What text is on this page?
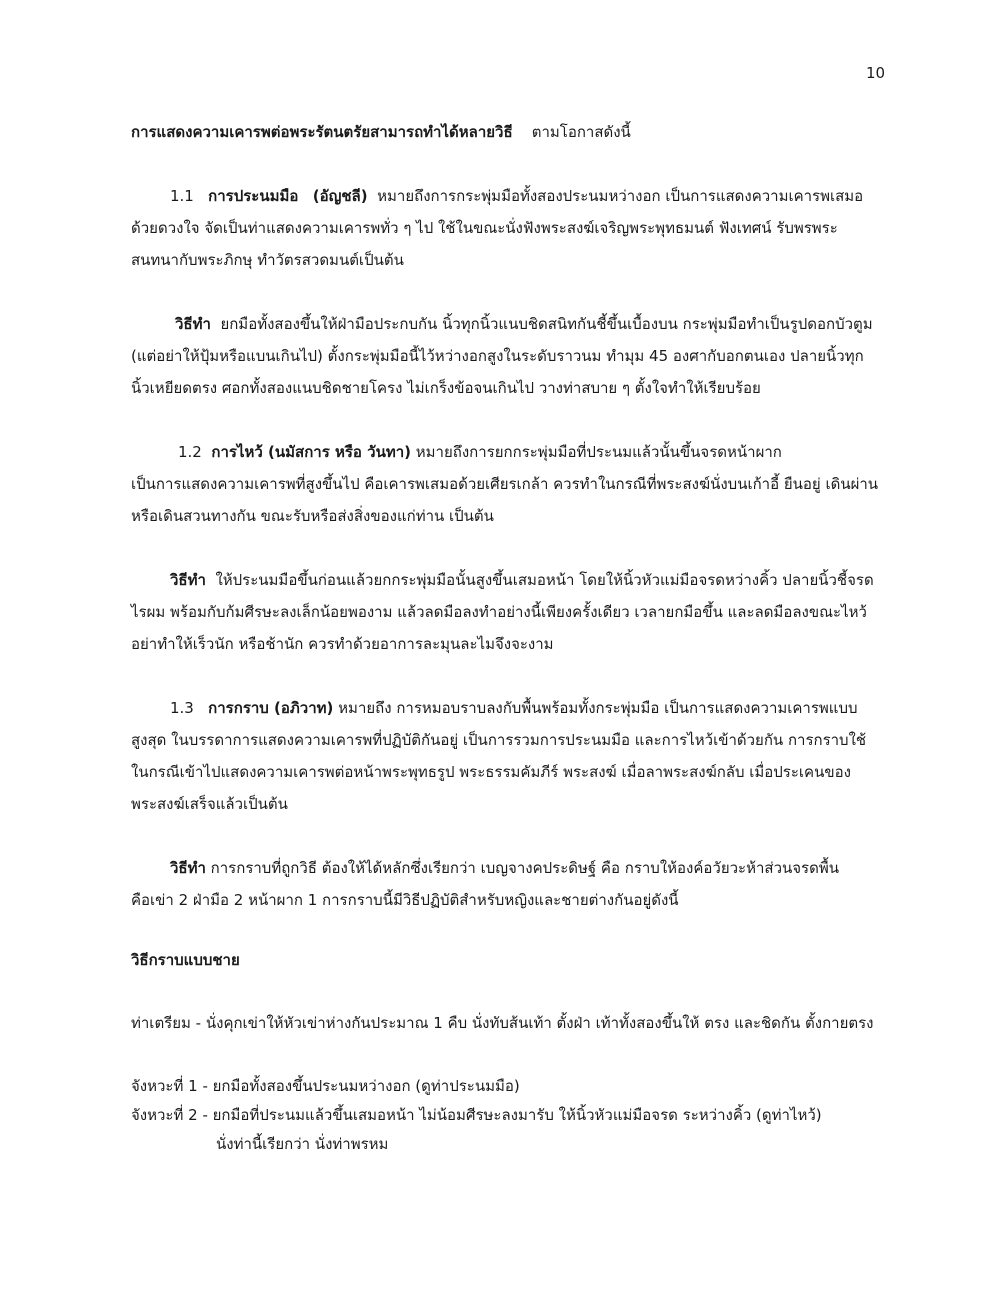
10
การแสดงความเคารพต่อพระรัตนตรัยสามารถทำได้หลายวิธี ตามโอกาสดังนี้
1.1 การประนมมือ (อัญชลี) หมายถึงการกระพุ่มมือทั้งสองประนมหว่างอก เป็นการแสดงความเคารพเสมอ
ด้วยดวงใจ จัดเป็นท่าแสดงความเคารพทั่ว ๆ ไป ใช้ในขณะนั่งฟังพระสงฆ์เจริญพระพุทธมนต์ ฟังเทศน์ รับพรพระ
สนทนากับพระภิกษุ ทำวัตรสวดมนต์เป็นต้น
วิธีทำ ยกมือทั้งสองขึ้นให้ฝ่ามือประกบกัน นิ้วทุกนิ้วแนบชิดสนิทกันชี้ขึ้นเบื้องบน กระพุ่มมือทำเป็นรูปดอกบัวตูม
(แต่อย่าให้ปุ้มหรือแบนเกินไป) ตั้งกระพุ่มมือนี้ไว้หว่างอกสูงในระดับราวนม ทำมุม 45 องศากับอกตนเอง ปลายนิ้วทุก
นิ้วเหยียดตรง ศอกทั้งสองแนบชิดชายโครง ไม่เกร็งข้อจนเกินไป วางท่าสบาย ๆ ตั้งใจทำให้เรียบร้อย
1.2 การไหว้ (นมัสการ หรือ วันทา) หมายถึงการยกกระพุ่มมือที่ประนมแล้วนั้นขึ้นจรดหน้าผาก
เป็นการแสดงความเคารพที่สูงขึ้นไป คือเคารพเสมอด้วยเศียรเกล้า ควรทำในกรณีที่พระสงฆ์นั่งบนเก้าอี้ ยืนอยู่ เดินผ่าน
หรือเดินสวนทางกัน ขณะรับหรือส่งสิ่งของแก่ท่าน เป็นต้น
วิธีทำ ให้ประนมมือขึ้นก่อนแล้วยกกระพุ่มมือนั้นสูงขึ้นเสมอหน้า โดยให้นิ้วหัวแม่มือจรดหว่างคิ้ว ปลายนิ้วชี้จรด
ไรผม พร้อมกับก้มศีรษะลงเล็กน้อยพองาม แล้วลดมือลงทำอย่างนี้เพียงครั้งเดียว เวลายกมือขึ้น และลดมือลงขณะไหว้
อย่าทำให้เร็วนัก หรือช้านัก ควรทำด้วยอาการละมุนละไมจึงจะงาม
1.3 การกราบ (อภิวาท) หมายถึง การหมอบราบลงกับพื้นพร้อมทั้งกระพุ่มมือ เป็นการแสดงความเคารพแบบ
สูงสุด ในบรรดาการแสดงความเคารพที่ปฏิบัติกันอยู่ เป็นการรวมการประนมมือ และการไหว้เข้าด้วยกัน การกราบใช้
ในกรณีเข้าไปแสดงความเคารพต่อหน้าพระพุทธรูป พระธรรมคัมภีร์ พระสงฆ์ เมื่อลาพระสงฆ์กลับ เมื่อประเคนของ
พระสงฆ์เสร็จแล้วเป็นต้น
วิธีทำ การกราบที่ถูกวิธี ต้องให้ได้หลักซึ่งเรียกว่า เบญจางคประดิษฐ์ คือ กราบให้องค์อวัยวะห้าส่วนจรดพื้น
คือเข่า 2 ฝ่ามือ 2 หน้าผาก 1 การกราบนี้มีวิธีปฏิบัติสำหรับหญิงและชายต่างกันอยู่ดังนี้
วิธีกราบแบบชาย
ท่าเตรียม - นั่งคุกเข่าให้หัวเข่าห่างกันประมาณ 1 คืบ นั่งทับส้นเท้า ตั้งฝ่า เท้าทั้งสองขึ้นให้ ตรง และชิดกัน ตั้งกายตรง
จังหวะที่ 1 - ยกมือทั้งสองขึ้นประนมหว่างอก (ดูท่าประนมมือ)
จังหวะที่ 2 - ยกมือที่ประนมแล้วขึ้นเสมอหน้า ไม่น้อมศีรษะลงมารับ ให้นิ้วหัวแม่มือจรด ระหว่างคิ้ว (ดูท่าไหว้)
นั่งท่านี้เรียกว่า นั่งท่าพรหม
